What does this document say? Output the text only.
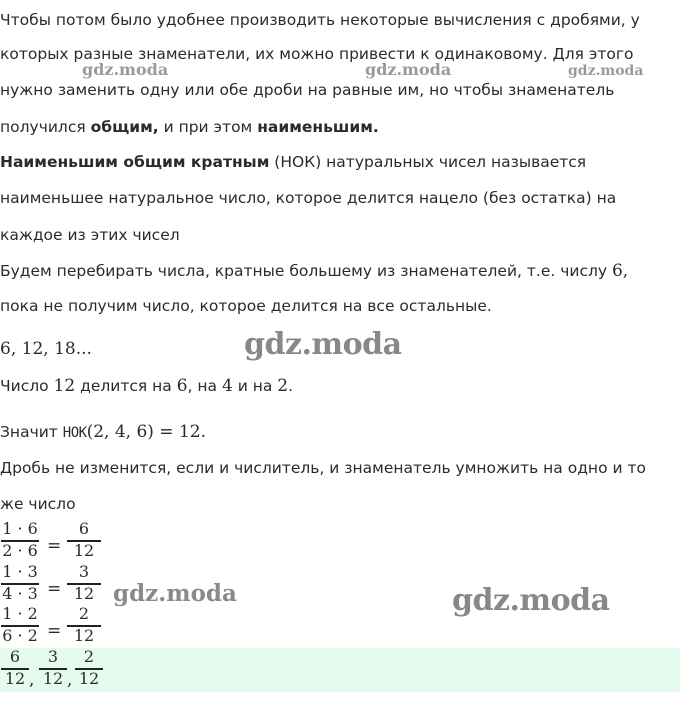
Чтобы потом было удобнее производить некоторые вычисления с дробями, у
которых разные знаменатели, их можно привести к одинаковому. Для этого
нужно заменить одну или обе дроби на равные им, но чтобы знаменатель
получился общим, и при этом наименьшим.
Наименьшим общим кратным (НОК) натуральных чисел называется
наименьшее натуральное число, которое делится нацело (без остатка) на
каждое из этих чисел
Будем перебирать числа, кратные большему из знаменателей, т.е. числу 6,
пока не получим число, которое делится на все остальные.
6, 12, 18...
Число 12 делится на 6, на 4 и на 2.
Значит НОК(2, 4, 6) = 12.
Дробь не изменится, если и числитель, и знаменатель умножить на одно и то
же число
1 · 6
2 · 6 =
6
12
1 · 3
4 · 3 =
3
12
1 · 2
6 · 2 =
2
12
6
12 ,
3
12 ,
2
12
gdz.moda	gdz.moda	gdz.moda
gdz.moda
gdz.moda	gdz.moda
